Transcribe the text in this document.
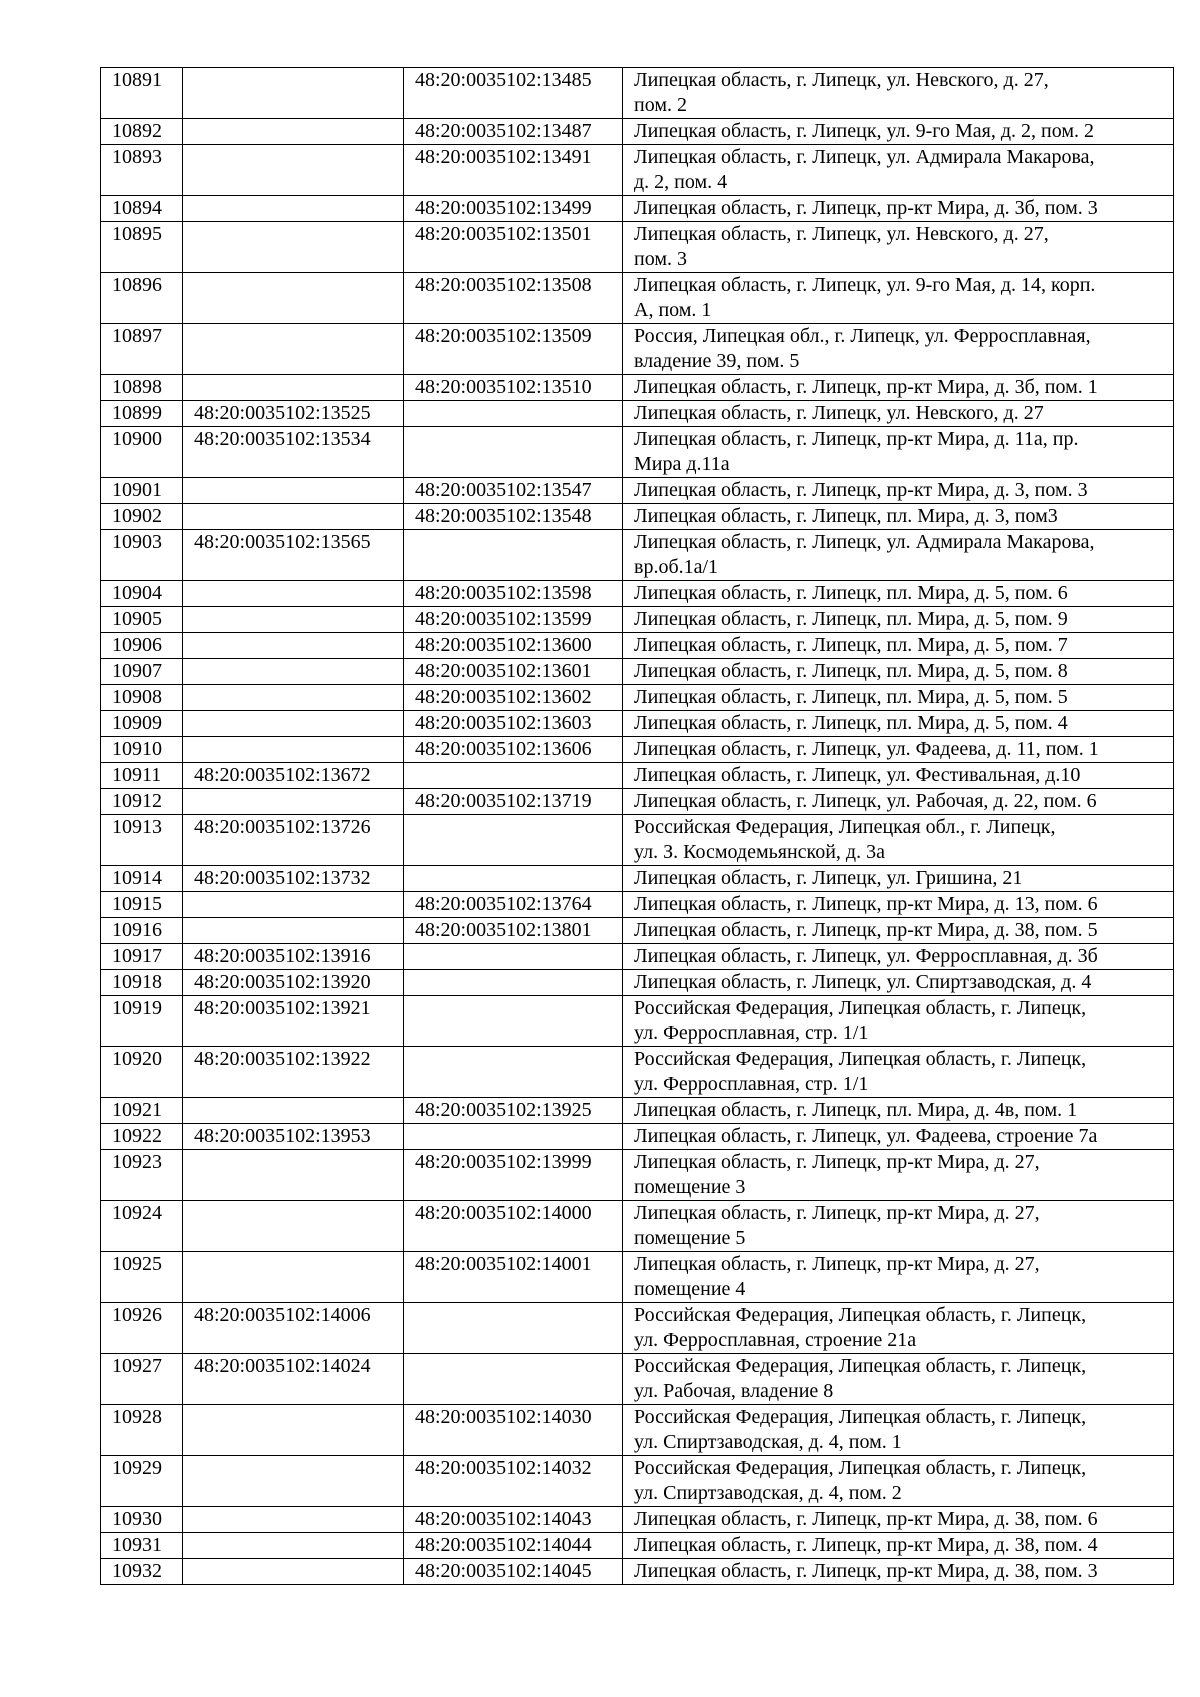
10891		48:20:0035102:13485	Липецкая область, г. Липецк, ул. Невского, д. 27,
пом. 2
10892		48:20:0035102:13487	Липецкая область, г. Липецк, ул. 9-го Мая, д. 2, пом. 2
10893		48:20:0035102:13491	Липецкая область, г. Липецк, ул. Адмирала Макарова,
д. 2, пом. 4
10894		48:20:0035102:13499	Липецкая область, г. Липецк, пр-кт Мира, д. 3б, пом. 3
10895		48:20:0035102:13501	Липецкая область, г. Липецк, ул. Невского, д. 27,
пом. 3
10896		48:20:0035102:13508	Липецкая область, г. Липецк, ул. 9-го Мая, д. 14, корп.
А, пом. 1
10897		48:20:0035102:13509	Россия, Липецкая обл., г. Липецк, ул. Ферросплавная,
владение 39, пом. 5
10898		48:20:0035102:13510	Липецкая область, г. Липецк, пр-кт Мира, д. 3б, пом. 1
10899	48:20:0035102:13525		Липецкая область, г. Липецк, ул. Невского, д. 27
10900	48:20:0035102:13534		Липецкая область, г. Липецк, пр-кт Мира, д. 11а, пр.
Мира д.11а
10901		48:20:0035102:13547	Липецкая область, г. Липецк, пр-кт Мира, д. 3, пом. 3
10902		48:20:0035102:13548	Липецкая область, г. Липецк, пл. Мира, д. 3, пом3
10903	48:20:0035102:13565		Липецкая область, г. Липецк, ул. Адмирала Макарова,
вр.об.1а/1
10904		48:20:0035102:13598	Липецкая область, г. Липецк, пл. Мира, д. 5, пом. 6
10905		48:20:0035102:13599	Липецкая область, г. Липецк, пл. Мира, д. 5, пом. 9
10906		48:20:0035102:13600	Липецкая область, г. Липецк, пл. Мира, д. 5, пом. 7
10907		48:20:0035102:13601	Липецкая область, г. Липецк, пл. Мира, д. 5, пом. 8
10908		48:20:0035102:13602	Липецкая область, г. Липецк, пл. Мира, д. 5, пом. 5
10909		48:20:0035102:13603	Липецкая область, г. Липецк, пл. Мира, д. 5, пом. 4
10910		48:20:0035102:13606	Липецкая область, г. Липецк, ул. Фадеева, д. 11, пом. 1
10911	48:20:0035102:13672		Липецкая область, г. Липецк, ул. Фестивальная, д.10
10912		48:20:0035102:13719	Липецкая область, г. Липецк, ул. Рабочая, д. 22, пом. 6
10913	48:20:0035102:13726		Российская Федерация, Липецкая обл., г. Липецк,
ул. З. Космодемьянской, д. 3а
10914	48:20:0035102:13732		Липецкая область, г. Липецк, ул. Гришина, 21
10915		48:20:0035102:13764	Липецкая область, г. Липецк, пр-кт Мира, д. 13, пом. 6
10916		48:20:0035102:13801	Липецкая область, г. Липецк, пр-кт Мира, д. 38, пом. 5
10917	48:20:0035102:13916		Липецкая область, г. Липецк, ул. Ферросплавная, д. 3б
10918	48:20:0035102:13920		Липецкая область, г. Липецк, ул. Спиртзаводская, д. 4
10919	48:20:0035102:13921		Российская Федерация, Липецкая область, г. Липецк,
ул. Ферросплавная, стр. 1/1
10920	48:20:0035102:13922		Российская Федерация, Липецкая область, г. Липецк,
ул. Ферросплавная, стр. 1/1
10921		48:20:0035102:13925	Липецкая область, г. Липецк, пл. Мира, д. 4в, пом. 1
10922	48:20:0035102:13953		Липецкая область, г. Липецк, ул. Фадеева, строение 7а
10923		48:20:0035102:13999	Липецкая область, г. Липецк, пр-кт Мира, д. 27,
помещение 3
10924		48:20:0035102:14000	Липецкая область, г. Липецк, пр-кт Мира, д. 27,
помещение 5
10925		48:20:0035102:14001	Липецкая область, г. Липецк, пр-кт Мира, д. 27,
помещение 4
10926	48:20:0035102:14006		Российская Федерация, Липецкая область, г. Липецк,
ул. Ферросплавная, строение 21а
10927	48:20:0035102:14024		Российская Федерация, Липецкая область, г. Липецк,
ул. Рабочая, владение 8
10928		48:20:0035102:14030	Российская Федерация, Липецкая область, г. Липецк,
ул. Спиртзаводская, д. 4, пом. 1
10929		48:20:0035102:14032	Российская Федерация, Липецкая область, г. Липецк,
ул. Спиртзаводская, д. 4, пом. 2
10930		48:20:0035102:14043	Липецкая область, г. Липецк, пр-кт Мира, д. 38, пом. 6
10931		48:20:0035102:14044	Липецкая область, г. Липецк, пр-кт Мира, д. 38, пом. 4
10932		48:20:0035102:14045	Липецкая область, г. Липецк, пр-кт Мира, д. 38, пом. 3
